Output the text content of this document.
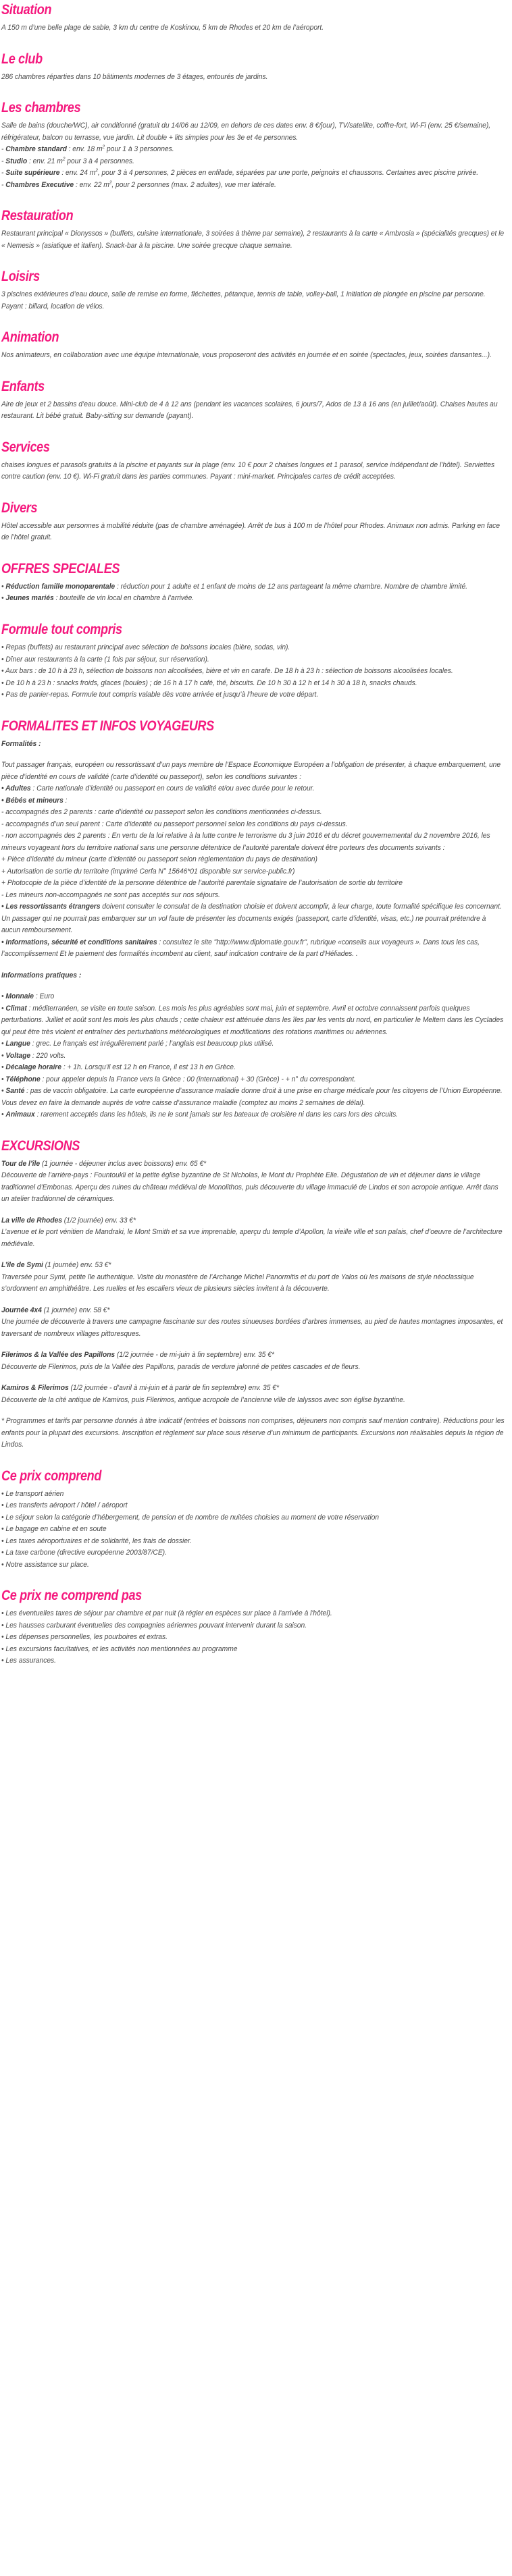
Situation

A 150 m d’une belle plage de sable, 3 km du centre de Koskinou, 5 km de Rhodes et 20 km de l’aéroport.

Le club

286 chambres réparties dans 10 bâtiments modernes de 3 étages, entourés de jardins.

Les chambres

Salle de bains (douche/WC), air conditionné (gratuit du 14/06 au 12/09, en dehors de ces dates env. 8 €/jour), TV/satellite, coffre-fort, Wi-Fi (env. 25 €/semaine), réfrigérateur, balcon ou terrasse, vue jardin. Lit double + lits simples pour les 3e et 4e personnes.

- Chambre standard : env. 18 $m^2$ pour 1 à 3 personnes.
- Studio : env. 21 $m^2$ pour 3 à 4 personnes.
- Suite supérieure : env. 24 $m^2$, pour 3 à 4 personnes, 2 pièces en enfilade, séparées par une porte, peignoirs et chaussons. Certaines avec piscine privée.
- Chambres Executive : env. 22 $m^2$, pour 2 personnes (max. 2 adultes), vue mer latérale.
Restauration

Restaurant principal « Dionyssos » (buffets, cuisine internationale, 3 soirées à thème par semaine), 2 restaurants à la carte « Ambrosia » (spécialités grecques) et le « Nemesis » (asiatique et italien). Snack-bar à la piscine. Une soirée grecque chaque semaine.

Loisirs

3 piscines extérieures d’eau douce, salle de remise en forme, fléchettes, pétanque, tennis de table, volley-ball, 1 initiation de plongée en piscine par personne. Payant : billard, location de vélos.

Animation

Nos animateurs, en collaboration avec une équipe internationale, vous proposeront des activités en journée et en soirée (spectacles, jeux, soirées dansantes...).

Enfants

Aire de jeux et 2 bassins d’eau douce. Mini-club de 4 à 12 ans (pendant les vacances scolaires, 6 jours/7, Ados de 13 à 16 ans (en juillet/août). Chaises hautes au restaurant. Lit bébé gratuit. Baby-sitting sur demande (payant).

Services

chaises longues et parasols gratuits à la piscine et payants sur la plage (env. 10 € pour 2 chaises longues et 1 parasol, service indépendant de l’hôtel). Serviettes contre caution (env. 10 €). Wi-Fi gratuit dans les parties communes. Payant : mini-market. Principales cartes de crédit acceptées.

Divers

Hôtel accessible aux personnes à mobilité réduite (pas de chambre aménagée). Arrêt de bus à 100 m de l’hôtel pour Rhodes. Animaux non admis. Parking en face de l’hôtel gratuit.

OFFRES SPECIALES
• Réduction famille monoparentale : réduction pour 1 adulte et 1 enfant de moins de 12 ans partageant la même chambre. Nombre de chambre limité.
• Jeunes mariés : bouteille de vin local en chambre à l’arrivée.
Formule tout compris
• Repas (buffets) au restaurant principal avec sélection de boissons locales (bière, sodas, vin).
• Dîner aux restaurants à la carte (1 fois par séjour, sur réservation).
• Aux bars : de 10 h à 23 h, sélection de boissons non alcoolisées, bière et vin en carafe. De 18 h à 23 h : sélection de boissons alcoolisées locales.
• De 10 h à 23 h : snacks froids, glaces (boules) ; de 16 h à 17 h café, thé, biscuits. De 10 h 30 à 12 h et 14 h 30 à 18 h, snacks chauds.
• Pas de panier-repas. Formule tout compris valable dès votre arrivée et jusqu’à l’heure de votre départ.
FORMALITES ET INFOS VOYAGEURS

Formalités :

Tout passager français, européen ou ressortissant d’un pays membre de l’Espace Economique Européen a l’obligation de présenter, à chaque embarquement, une pièce d’identité en cours de validité (carte d’identité ou passeport), selon les conditions suivantes :

• Adultes : Carte nationale d’identité ou passeport en cours de validité et/ou avec durée pour le retour.
• Bébés et mineurs :
- accompagnés des 2 parents : carte d’identité ou passeport selon les conditions mentionnées ci-dessus.
- accompagnés d’un seul parent : Carte d’identité ou passeport personnel selon les conditions du pays ci-dessus.
- non accompagnés des 2 parents : En vertu de la loi relative à la lutte contre le terrorisme du 3 juin 2016 et du décret gouvernemental du 2 novembre 2016, les mineurs voyageant hors du territoire national sans une personne détentrice de l’autorité parentale doivent être porteurs des documents suivants :
+ Pièce d’identité du mineur (carte d’identité ou passeport selon règlementation du pays de destination)
+ Autorisation de sortie du territoire (imprimé Cerfa N° 15646*01 disponible sur service-public.fr)
+ Photocopie de la pièce d’identité de la personne détentrice de l’autorité parentale signataire de l’autorisation de sortie du territoire
- Les mineurs non-accompagnés ne sont pas acceptés sur nos séjours.
• Les ressortissants étrangers doivent consulter le consulat de la destination choisie et doivent accomplir, à leur charge, toute formalité spécifique les concernant. Un passager qui ne pourrait pas embarquer sur un vol faute de présenter les documents exigés (passeport, carte d’identité, visas, etc.) ne pourrait prétendre à aucun remboursement.
• Informations, sécurité et conditions sanitaires : consultez le site "http://www.diplomatie.gouv.fr", rubrique «conseils aux voyageurs ». Dans tous les cas, l’accomplissement Et le paiement des formalités incombent au client, sauf indication contraire de la part d’Héliades. .

Informations pratiques :

• Monnaie : Euro
• Climat : méditerranéen, se visite en toute saison. Les mois les plus agréables sont mai, juin et septembre. Avril et octobre connaissent parfois quelques perturbations. Juillet et août sont les mois les plus chauds ; cette chaleur est atténuée dans les îles par les vents du nord, en particulier le Meltem dans les Cyclades qui peut être très violent et entraîner des perturbations météorologiques et modifications des rotations maritimes ou aériennes.
• Langue : grec. Le français est irrégulièrement parlé ; l’anglais est beaucoup plus utilisé.
• Voltage : 220 volts.
• Décalage horaire : + 1h. Lorsqu’il est 12 h en France, il est 13 h en Grèce.
• Téléphone : pour appeler depuis la France vers la Grèce : 00 (international) + 30 (Grèce) - + n° du correspondant.
• Santé : pas de vaccin obligatoire. La carte européenne d’assurance maladie donne droit à une prise en charge médicale pour les citoyens de l’Union Européenne. Vous devez en faire la demande auprès de votre caisse d’assurance maladie (comptez au moins 2 semaines de délai).
• Animaux : rarement acceptés dans les hôtels, ils ne le sont jamais sur les bateaux de croisière ni dans les cars lors des circuits.
EXCURSIONS
Tour de l’île (1 journée - déjeuner inclus avec boissons) env. 65 €*

Découverte de l’arrière-pays : Fountoukli et la petite église byzantine de St Nicholas, le Mont du Prophète Elie. Dégustation de vin et déjeuner dans le village traditionnel d’Embonas. Aperçu des ruines du château médiéval de Monolithos, puis découverte du village immaculé de Lindos et son acropole antique. Arrêt dans un atelier traditionnel de céramiques.

La ville de Rhodes (1/2 journée) env. 33 €*

L’avenue et le port vénitien de Mandraki, le Mont Smith et sa vue imprenable, aperçu du temple d’Apollon, la vieille ville et son palais, chef d’oeuvre de l’architecture médiévale.

L’île de Symi (1 journée) env. 53 €*

Traversée pour Symi, petite île authentique. Visite du monastère de l’Archange Michel Panormitis et du port de Yalos où les maisons de style néoclassique s’ordonnent en amphithéâtre. Les ruelles et les escaliers vieux de plusieurs siècles invitent à la découverte.

Journée 4x4 (1 journée) env. 58 €*

Une journée de découverte à travers une campagne fascinante sur des routes sinueuses bordées d’arbres immenses, au pied de hautes montagnes imposantes, et traversant de nombreux villages pittoresques.

Filerimos & la Vallée des Papillons (1/2 journée - de mi-juin à fin septembre) env. 35 €*

Découverte de Filerimos, puis de la Vallée des Papillons, paradis de verdure jalonné de petites cascades et de fleurs.

Kamiros & Filerimos (1/2 journée - d’avril à mi-juin et à partir de fin septembre) env. 35 €*

Découverte de la cité antique de Kamiros, puis Filerimos, antique acropole de l’ancienne ville de Ialyssos avec son église byzantine.

* Programmes et tarifs par personne donnés à titre indicatif (entrées et boissons non comprises, déjeuners non compris sauf mention contraire). Réductions pour les enfants pour la plupart des excursions. Inscription et règlement sur place sous réserve d’un minimum de participants. Excursions non réalisables depuis la région de Lindos.

Ce prix comprend
• Le transport aérien
• Les transferts aéroport / hôtel / aéroport
• Le séjour selon la catégorie d’hébergement, de pension et de nombre de nuitées choisies au moment de votre réservation
• Le bagage en cabine et en soute
• Les taxes aéroportuaires et de solidarité, les frais de dossier.
• La taxe carbone (directive européenne 2003/87/CE).
• Notre assistance sur place.
Ce prix ne comprend pas
• Les éventuelles taxes de séjour par chambre et par nuit (à régler en espèces sur place à l'arrivée à l'hôtel).
• Les hausses carburant éventuelles des compagnies aériennes pouvant intervenir durant la saison.
• Les dépenses personnelles, les pourboires et extras.
• Les excursions facultatives, et les activités non mentionnées au programme
• Les assurances.
